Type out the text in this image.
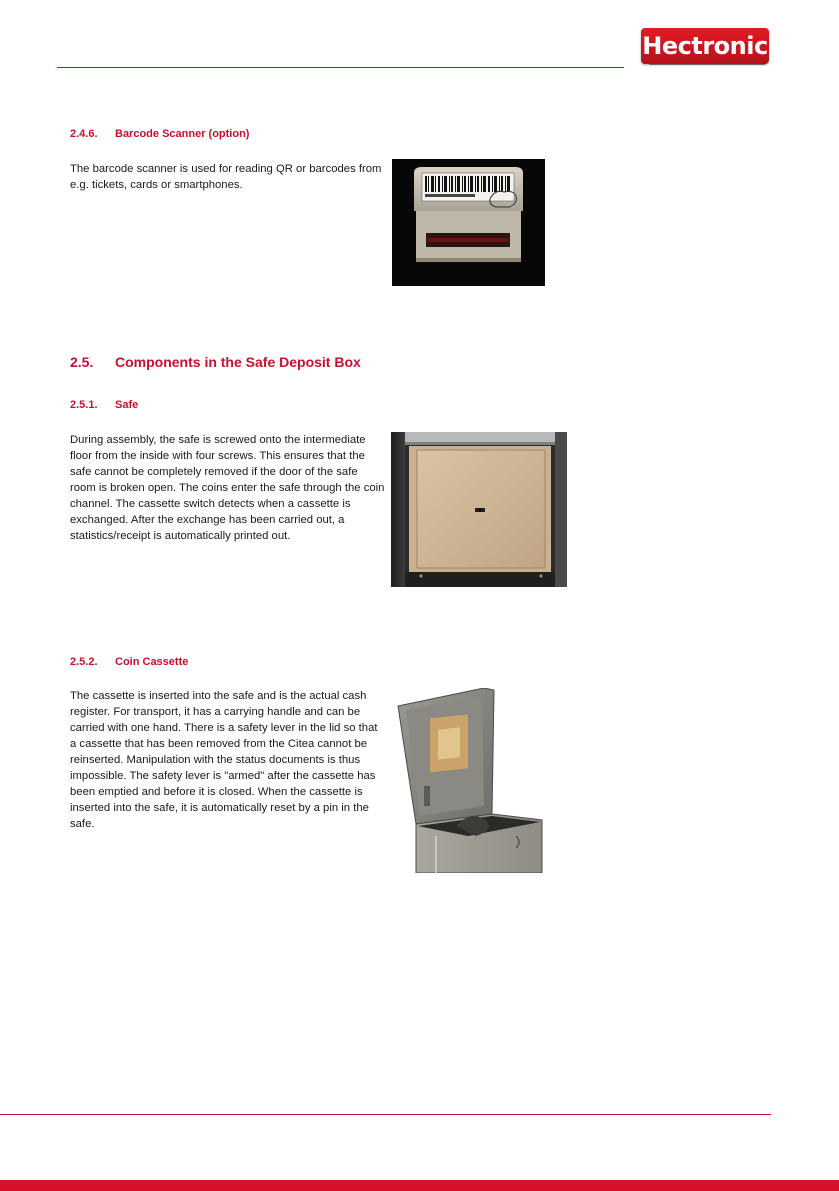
Hectronic
2.4.6. Barcode Scanner (option)
The barcode scanner is used for reading QR or barcodes from e.g. tickets, cards or smartphones.
2.5. Components in the Safe Deposit Box
2.5.1. Safe
During assembly, the safe is screwed onto the intermediate floor from the inside with four screws. This ensures that the safe cannot be completely removed if the door of the safe room is broken open. The coins enter the safe through the coin channel. The cassette switch detects when a cassette is exchanged. After the exchange has been carried out, a statistics/receipt is automatically printed out.
2.5.2. Coin Cassette
The cassette is inserted into the safe and is the actual cash register. For transport, it has a carrying handle and can be carried with one hand. There is a safety lever in the lid so that a cassette that has been removed from the Citea cannot be reinserted. Manipulation with the status documents is thus impossible. The safety lever is "armed" after the cassette has been emptied and before it is closed. When the cassette is inserted into the safe, it is automatically reset by a pin in the safe.
